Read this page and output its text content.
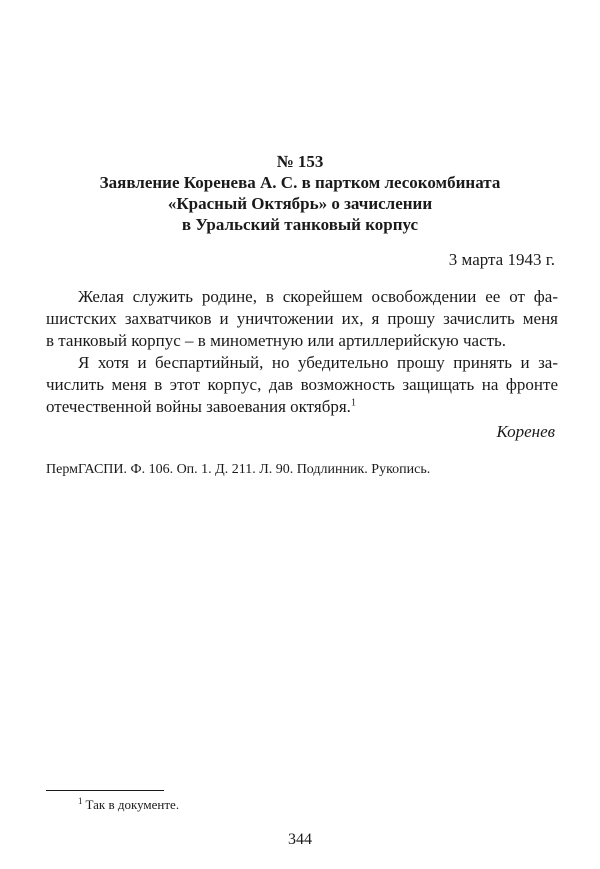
№ 153
Заявление Коренева А. С. в партком лесокомбината
«Красный Октябрь» о зачислении
в Уральский танковый корпус
3 марта 1943 г.
Желая служить родине, в скорейшем освобождении ее от фа-
шистских захватчиков и уничтожении их, я прошу зачислить меня
в танковый корпус – в минометную или артиллерийскую часть.
Я хотя и беспартийный, но убедительно прошу принять и за-
числить меня в этот корпус, дав возможность защищать на фронте
отечественной войны завоевания октября.$^1$
Коренев
ПермГАСПИ. Ф. 106. Оп. 1. Д. 211. Л. 90. Подлинник. Рукопись.
$^1$ Так в документе.
344
